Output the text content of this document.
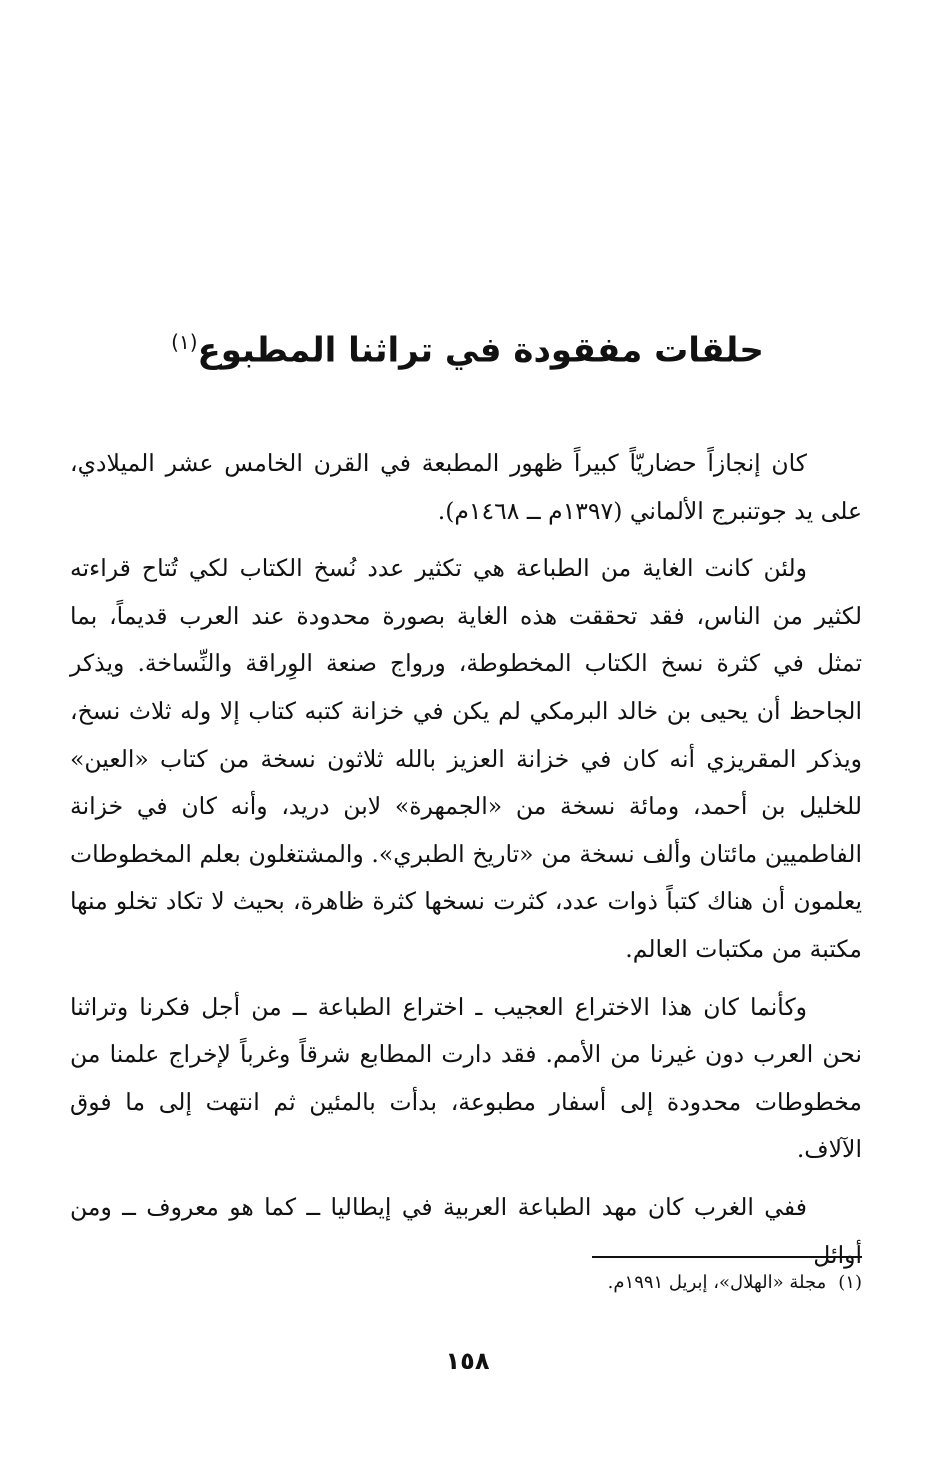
حلقات مفقودة في تراثنا المطبوع$^{(١)}$

كان إنجازاً حضاريّاً كبيراً ظهور المطبعة في القرن الخامس عشر الميلادي، على يد جوتنبرج الألماني (١٣٩٧م ــ ١٤٦٨م).

ولئن كانت الغاية من الطباعة هي تكثير عدد نُسخ الكتاب لكي تُتاح قراءته لكثير من الناس، فقد تحققت هذه الغاية بصورة محدودة عند العرب قديماً، بما تمثل في كثرة نسخ الكتاب المخطوطة، ورواج صنعة الوِراقة والنِّساخة. ويذكر الجاحظ أن يحيى بن خالد البرمكي لم يكن في خزانة كتبه كتاب إلا وله ثلاث نسخ، ويذكر المقريزي أنه كان في خزانة العزيز بالله ثلاثون نسخة من كتاب «العين» للخليل بن أحمد، ومائة نسخة من «الجمهرة» لابن دريد، وأنه كان في خزانة الفاطميين مائتان وألف نسخة من «تاريخ الطبري». والمشتغلون بعلم المخطوطات يعلمون أن هناك كتباً ذوات عدد، كثرت نسخها كثرة ظاهرة، بحيث لا تكاد تخلو منها مكتبة من مكتبات العالم.

وكأنما كان هذا الاختراع العجيب ـ اختراع الطباعة ــ من أجل فكرنا وتراثنا نحن العرب دون غيرنا من الأمم. فقد دارت المطابع شرقاً وغرباً لإخراج علمنا من مخطوطات محدودة إلى أسفار مطبوعة، بدأت بالمئين ثم انتهت إلى ما فوق الآلاف.

ففي الغرب كان مهد الطباعة العربية في إيطاليا ــ كما هو معروف ــ ومن أوائل

(١)مجلة «الهلال»، إبريل ١٩٩١م.

١٥٨
